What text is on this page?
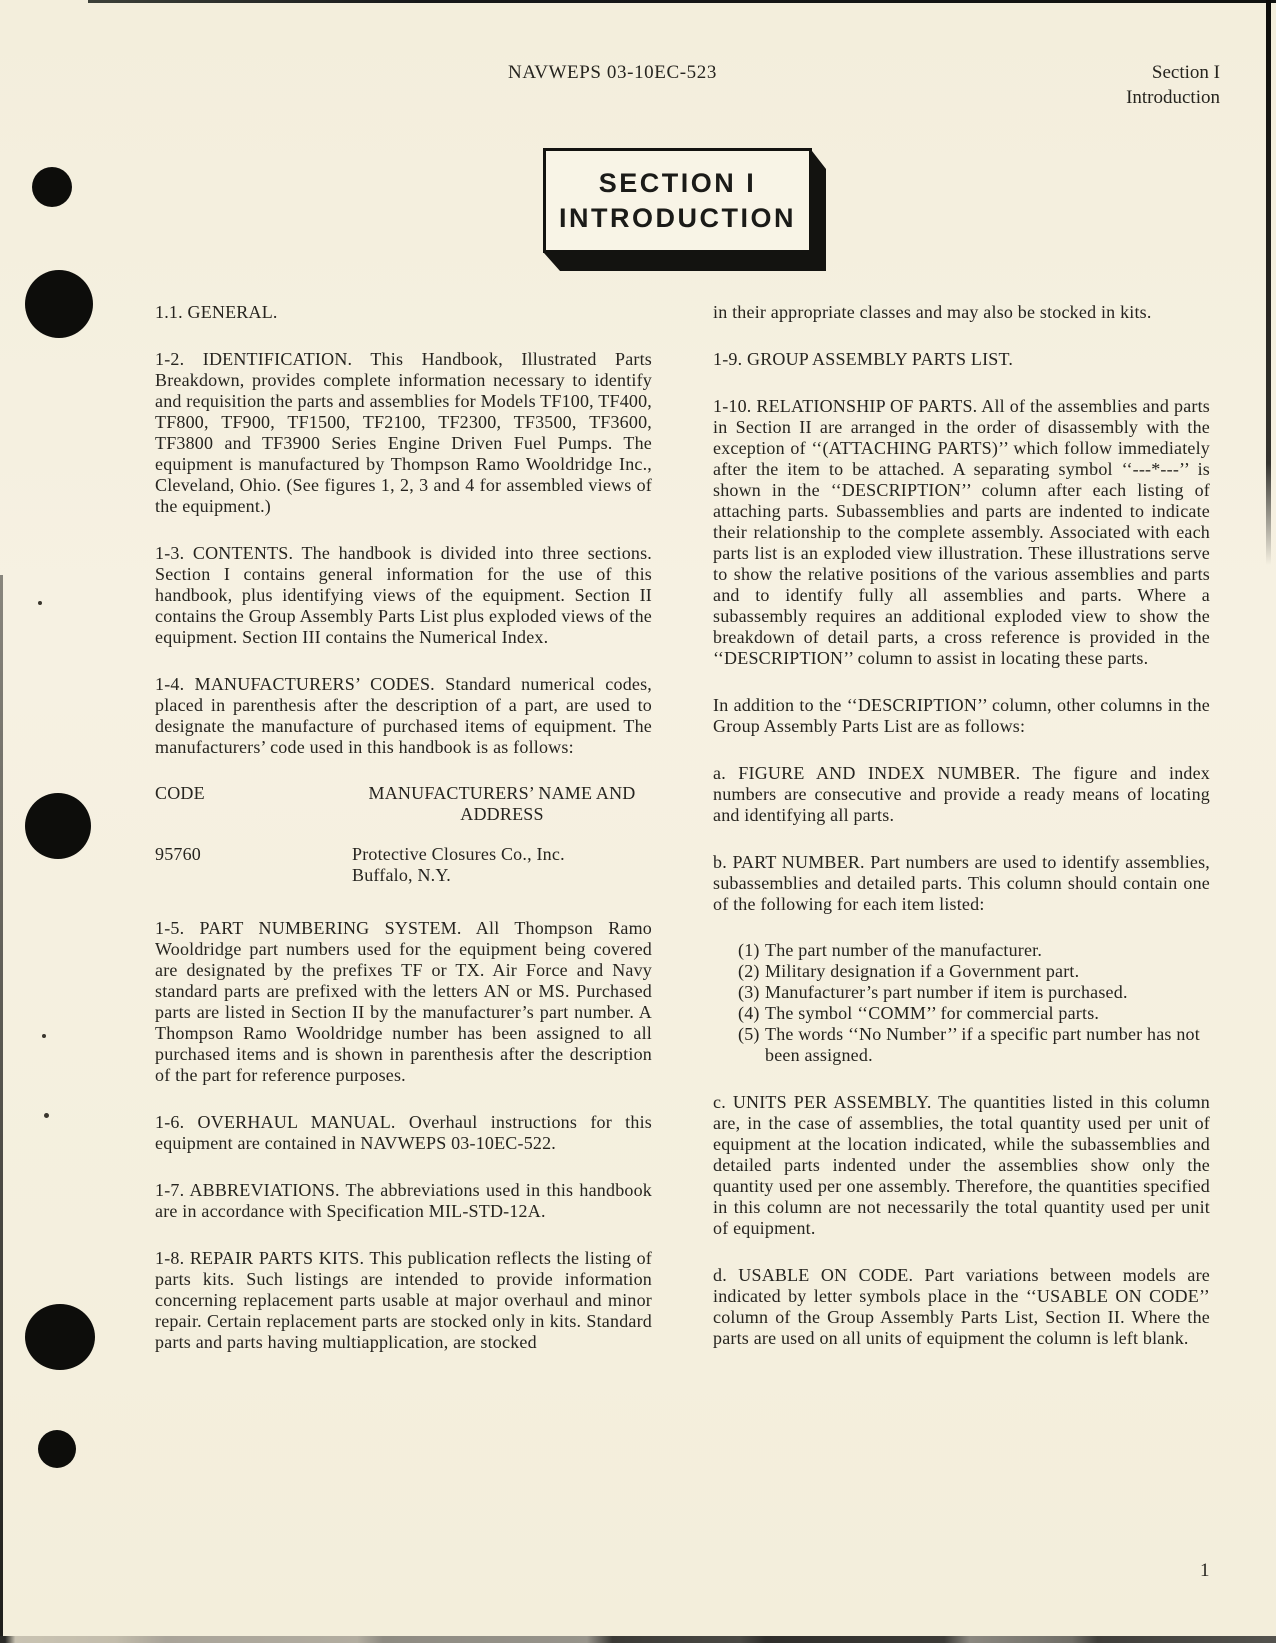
NAVWEPS 03-10EC-523	Section I
Introduction
SECTION I
INTRODUCTION

1.1. GENERAL.

1-2. IDENTIFICATION. This Handbook, Illustrated Parts Breakdown, provides complete information necessary to identify and requisition the parts and assemblies for Models TF100, TF400, TF800, TF900, TF1500, TF2100, TF2300, TF3500, TF3600, TF3800 and TF3900 Series Engine Driven Fuel Pumps. The equipment is manufactured by Thompson Ramo Wooldridge Inc., Cleveland, Ohio. (See figures 1, 2, 3 and 4 for assembled views of the equipment.)

1-3. CONTENTS. The handbook is divided into three sections. Section I contains general information for the use of this handbook, plus identifying views of the equipment. Section II contains the Group Assembly Parts List plus exploded views of the equipment. Section III contains the Numerical Index.

1-4. MANUFACTURERS’ CODES. Standard numerical codes, placed in parenthesis after the description of a part, are used to designate the manufacture of purchased items of equipment. The manufacturers’ code used in this handbook is as follows:

CODE	MANUFACTURERS’ NAME AND
ADDRESS
95760	Protective Closures Co., Inc.
Buffalo, N.Y.

1-5. PART NUMBERING SYSTEM. All Thompson Ramo Wooldridge part numbers used for the equipment being covered are designated by the prefixes TF or TX. Air Force and Navy standard parts are prefixed with the letters AN or MS. Purchased parts are listed in Section II by the manufacturer’s part number. A Thompson Ramo Wooldridge number has been assigned to all purchased items and is shown in parenthesis after the description of the part for reference purposes.

1-6. OVERHAUL MANUAL. Overhaul instructions for this equipment are contained in NAVWEPS 03-10EC-522.

1-7. ABBREVIATIONS. The abbreviations used in this handbook are in accordance with Specification MIL-STD-12A.

1-8. REPAIR PARTS KITS. This publication reflects the listing of parts kits. Such listings are intended to provide information concerning replacement parts usable at major overhaul and minor repair. Certain replacement parts are stocked only in kits. Standard parts and parts having multiapplication, are stocked

in their appropriate classes and may also be stocked in kits.

1-9. GROUP ASSEMBLY PARTS LIST.

1-10. RELATIONSHIP OF PARTS. All of the assemblies and parts in Section II are arranged in the order of disassembly with the exception of ‘‘(ATTACHING PARTS)’’ which follow immediately after the item to be attached. A separating symbol ‘‘---*---’’ is shown in the ‘‘DESCRIPTION’’ column after each listing of attaching parts. Subassemblies and parts are indented to indicate their relationship to the complete assembly. Associated with each parts list is an exploded view illustration. These illustrations serve to show the relative positions of the various assemblies and parts and to identify fully all assemblies and parts. Where a subassembly requires an additional exploded view to show the breakdown of detail parts, a cross reference is provided in the ‘‘DESCRIPTION’’ column to assist in locating these parts.

In addition to the ‘‘DESCRIPTION’’ column, other columns in the Group Assembly Parts List are as follows:

a. FIGURE AND INDEX NUMBER. The figure and index numbers are consecutive and provide a ready means of locating and identifying all parts.

b. PART NUMBER. Part numbers are used to identify assemblies, subassemblies and detailed parts. This column should contain one of the following for each item listed:

(1) The part number of the manufacturer.
(2) Military designation if a Government part.
(3) Manufacturer’s part number if item is purchased.
(4) The symbol ‘‘COMM’’ for commercial parts.
(5) The words ‘‘No Number’’ if a specific part number has not been assigned.

c. UNITS PER ASSEMBLY. The quantities listed in this column are, in the case of assemblies, the total quantity used per unit of equipment at the location indicated, while the subassemblies and detailed parts indented under the assemblies show only the quantity used per one assembly. Therefore, the quantities specified in this column are not necessarily the total quantity used per unit of equipment.

d. USABLE ON CODE. Part variations between models are indicated by letter symbols place in the ‘‘USABLE ON CODE’’ column of the Group Assembly Parts List, Section II. Where the parts are used on all units of equipment the column is left blank.

1
